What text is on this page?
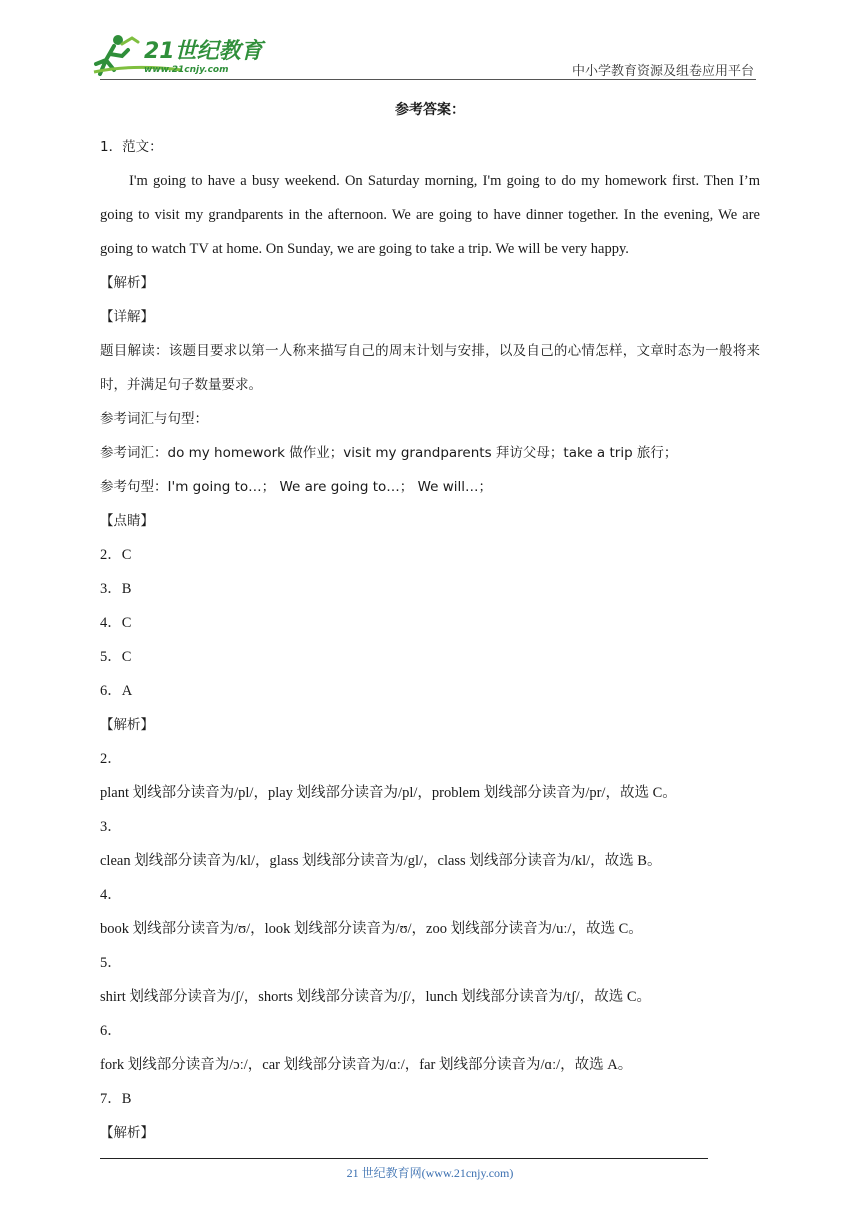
21世纪教育
www.21cnjy.com	中小学教育资源及组卷应用平台
参考答案：
1．范文：
I'm going to have a busy weekend. On Saturday morning, I'm going to do my homework first. Then I’m going to visit my grandparents in the afternoon. We are going to have dinner together. In the evening, We are going to watch TV at home. On Sunday, we are going to take a trip. We will be very happy.
【解析】
【详解】
题目解读：该题目要求以第一人称来描写自己的周末计划与安排，以及自己的心情怎样，文章时态为一般将来时，并满足句子数量要求。
参考词汇与句型：
参考词汇：do my homework 做作业；visit my grandparents 拜访父母；take a trip 旅行；
参考句型：I'm going to…； We are going to…； We will…；
【点睛】
2．C
3．B
4．C
5．C
6．A
【解析】
2．
plant 划线部分读音为/pl/，play 划线部分读音为/pl/，problem 划线部分读音为/pr/，故选 C。
3．
clean 划线部分读音为/kl/，glass 划线部分读音为/gl/，class 划线部分读音为/kl/，故选 B。
4．
book 划线部分读音为/ʊ/，look 划线部分读音为/ʊ/，zoo 划线部分读音为/uː/，故选 C。
5．
shirt 划线部分读音为/ʃ/，shorts 划线部分读音为/ʃ/，lunch 划线部分读音为/tʃ/，故选 C。
6．
fork 划线部分读音为/ɔː/，car 划线部分读音为/ɑː/，far 划线部分读音为/ɑː/，故选 A。
7．B
【解析】
21 世纪教育网(www.21cnjy.com)
